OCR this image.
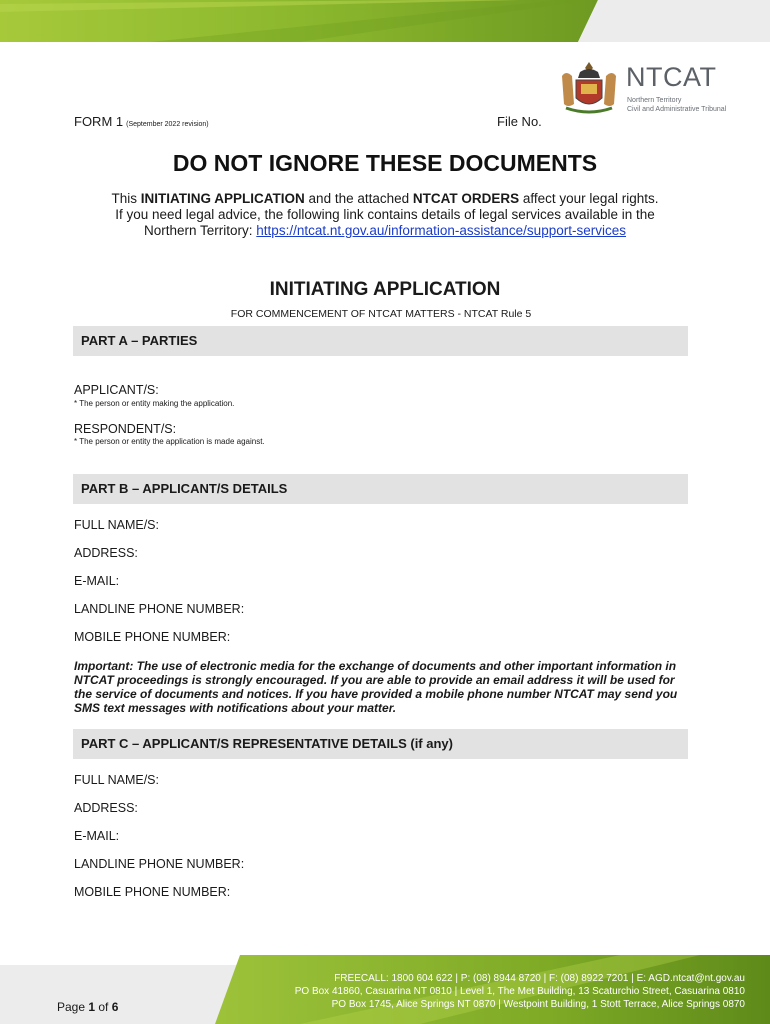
NTCAT
Northern Territory
Civil and Administrative Tribunal
FORM 1 (September 2022 revision)	File No.
DO NOT IGNORE THESE DOCUMENTS
This INITIATING APPLICATION and the attached NTCAT ORDERS affect your legal rights.
If you need legal advice, the following link contains details of legal services available in the
Northern Territory: https://ntcat.nt.gov.au/information-assistance/support-services
INITIATING APPLICATION
FOR COMMENCEMENT OF NTCAT MATTERS - NTCAT Rule 5
PART A – PARTIES
APPLICANT/S:
* The person or entity making the application.
RESPONDENT/S:
* The person or entity the application is made against.
PART B – APPLICANT/S DETAILS
FULL NAME/S:
ADDRESS:
E-MAIL:
LANDLINE PHONE NUMBER:
MOBILE PHONE NUMBER:
Important: The use of electronic media for the exchange of documents and other important information in NTCAT proceedings is strongly encouraged. If you are able to provide an email address it will be used for the service of documents and notices. If you have provided a mobile phone number NTCAT may send you SMS text messages with notifications about your matter.
PART C – APPLICANT/S REPRESENTATIVE DETAILS (if any)
FULL NAME/S:
ADDRESS:
E-MAIL:
LANDLINE PHONE NUMBER:
MOBILE PHONE NUMBER:
FREECALL: 1800 604 622 | P: (08) 8944 8720 | F: (08) 8922 7201 | E: AGD.ntcat@nt.gov.au
PO Box 41860, Casuarina NT 0810 | Level 1, The Met Building, 13 Scaturchio Street, Casuarina 0810
PO Box 1745, Alice Springs NT 0870 | Westpoint Building, 1 Stott Terrace, Alice Springs 0870
Page 1 of 6
